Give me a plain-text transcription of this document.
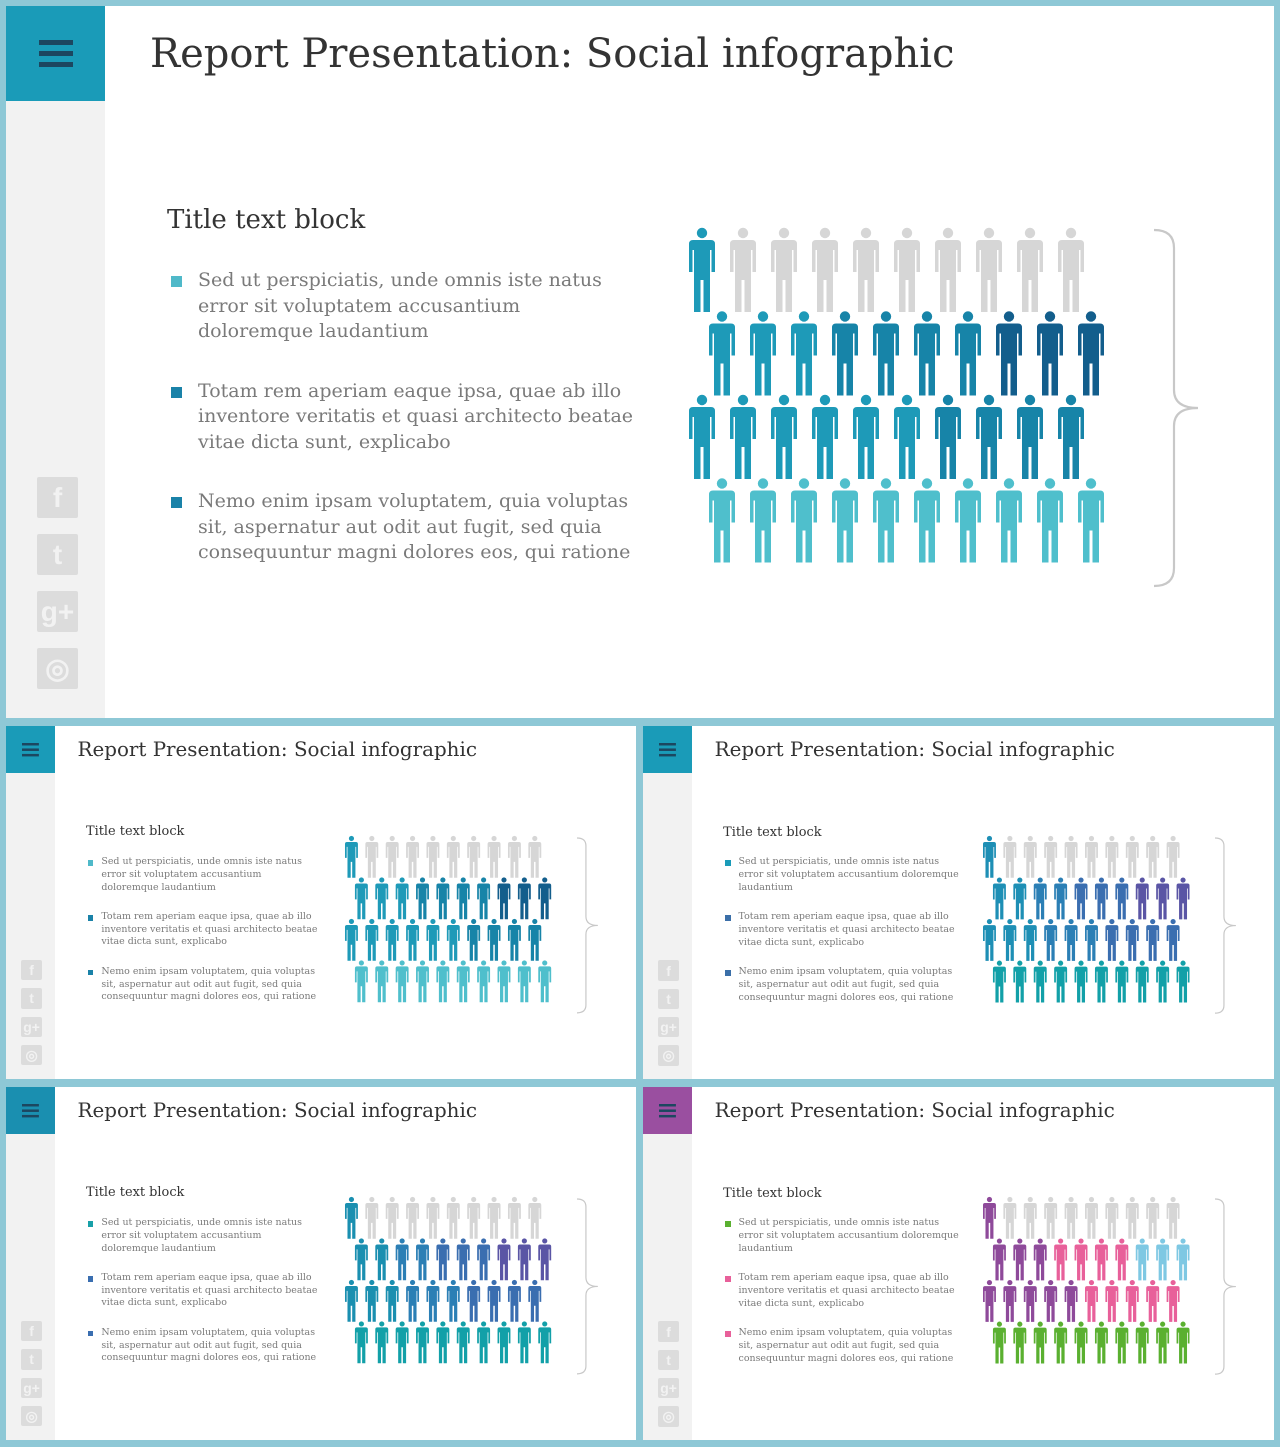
Report Presentation: Social infographic
Title text block
Sed ut perspiciatis, unde omnis iste natus error sit voluptatem accusantium doloremque laudantium
Totam rem aperiam eaque ipsa, quae ab illo inventore veritatis et quasi architecto beatae vitae dicta sunt, explicabo
Nemo enim ipsam voluptatem, quia voluptas sit, aspernatur aut odit aut fugit, sed quia consequuntur magni dolores eos, qui ratione
f
t
g+
◎
Report Presentation: Social infographic
Title text block
Sed ut perspiciatis, unde omnis iste natus error sit voluptatem accusantium doloremque laudantium
Totam rem aperiam eaque ipsa, quae ab illo inventore veritatis et quasi architecto beatae vitae dicta sunt, explicabo
Nemo enim ipsam voluptatem, quia voluptas sit, aspernatur aut odit aut fugit, sed quia consequuntur magni dolores eos, qui ratione
f
t
g+
◎
Report Presentation: Social infographic
Title text block
Sed ut perspiciatis, unde omnis iste natus error sit voluptatem accusantium doloremque laudantium
Totam rem aperiam eaque ipsa, quae ab illo inventore veritatis et quasi architecto beatae vitae dicta sunt, explicabo
Nemo enim ipsam voluptatem, quia voluptas sit, aspernatur aut odit aut fugit, sed quia consequuntur magni dolores eos, qui ratione
f
t
g+
◎
Report Presentation: Social infographic
Title text block
Sed ut perspiciatis, unde omnis iste natus error sit voluptatem accusantium doloremque laudantium
Totam rem aperiam eaque ipsa, quae ab illo inventore veritatis et quasi architecto beatae vitae dicta sunt, explicabo
Nemo enim ipsam voluptatem, quia voluptas sit, aspernatur aut odit aut fugit, sed quia consequuntur magni dolores eos, qui ratione
f
t
g+
◎
Report Presentation: Social infographic
Title text block
Sed ut perspiciatis, unde omnis iste natus error sit voluptatem accusantium doloremque laudantium
Totam rem aperiam eaque ipsa, quae ab illo inventore veritatis et quasi architecto beatae vitae dicta sunt, explicabo
Nemo enim ipsam voluptatem, quia voluptas sit, aspernatur aut odit aut fugit, sed quia consequuntur magni dolores eos, qui ratione
f
t
g+
◎
